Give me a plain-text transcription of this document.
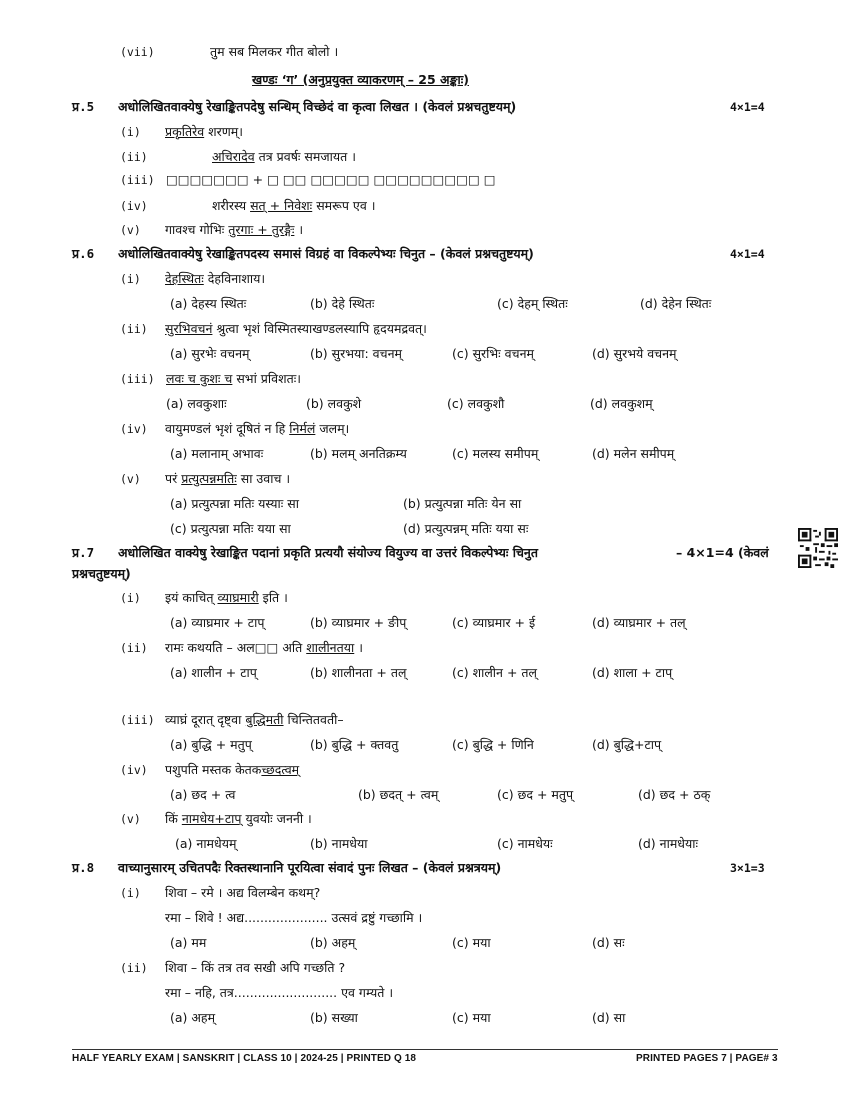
(vii)	तुम सब मिलकर गीत बोलो ।
खण्डः ‘ग’ (अनुप्रयुक्त व्याकरणम् – 25 अङ्काः)
प्र.5 अधोलिखितवाक्येषु रेखाङ्कितपदेषु सन्धिम् विच्छेदं वा कृत्वा लिखत । (केवलं प्रश्नचतुष्टयम्)	4×1=4
(i) प्रकृतिरेव शरणम्।
(ii)	अचिरादेव तत्र प्रवर्षः समजायत ।
(iii) □□□□□□□ + □ □□ □□□□□ □□□□□□□□□ □
(iv)	शरीरस्य सत् + निवेशः समरूप एव ।
(v) गावश्च गोभिः तुरगाः + तुरङ्गैः ।
प्र.6 अधोलिखितवाक्येषु रेखाङ्कितपदस्य समासं विग्रहं वा विकल्पेभ्यः चिनुत – (केवलं प्रश्नचतुष्टयम्)	4×1=4
(i) देहस्थितः देहविनाशाय।
(a) देहस्य स्थितः	(b) देहे स्थितः	(c) देहम् स्थितः	(d) देहेन स्थितः
(ii) सुरभिवचनं श्रुत्वा भृशं विस्मितस्याखण्डलस्यापि हृदयमद्रवत्।
(a) सुरभेः वचनम्	(b) सुरभया: वचनम्	(c) सुरभिः वचनम्	(d) सुरभये वचनम्
(iii) लवः च कुशः च सभां प्रविशतः।
(a) लवकुशाः	(b) लवकुशे	(c) लवकुशौ	(d) लवकुशम्
(iv) वायुमण्डलं भृशं दूषितं न हि निर्मलं जलम्।
(a) मलानाम् अभावः	(b) मलम् अनतिक्रम्य	(c) मलस्य समीपम्	(d) मलेन समीपम्
(v) परं प्रत्युत्पन्नमतिः सा उवाच ।
(a) प्रत्युत्पन्ना मतिः यस्याः सा	(b) प्रत्युत्पन्ना मतिः येन सा
(c) प्रत्युत्पन्ना मतिः यया सा	(d) प्रत्युत्पन्नम् मतिः यया सः
प्र.7 अधोलिखित वाक्येषु रेखाङ्कित पदानां प्रकृति प्रत्ययौ संयोज्य वियुज्य वा उत्तरं विकल्पेभ्यः चिनुत	– 4×1=4 (केवलं
प्रश्नचतुष्टयम्)
(i) इयं काचित् व्याघ्रमारी इति ।
(a) व्याघ्रमार + टाप्	(b) व्याघ्रमार + ङीप्	(c) व्याघ्रमार + ई	(d) व्याघ्रमार + तल्
(ii) रामः कथयति – अल□□ अति शालीनतया ।
(a) शालीन + टाप्	(b) शालीनता + तल्	(c) शालीन + तल्	(d) शाला + टाप्
(iii) व्याघ्रं दूरात् दृष्ट्वा बुद्धिमती चिन्तितवती–
(a) बुद्धि + मतुप्	(b) बुद्धि + क्तवतु	(c) बुद्धि + णिनि	(d) बुद्धि+टाप्
(iv) पशुपति मस्तक केतकच्छदत्वम्
(a) छद + त्व	(b) छदत् + त्वम्	(c) छद + मतुप्	(d) छद + ठक्
(v) किं नामधेय+टाप् युवयोः जननी ।
(a) नामधेयम्	(b) नामधेया	(c) नामधेयः	(d) नामधेयाः
प्र.8 वाच्यानुसारम् उचितपदैः रिक्तस्थानानि पूरयित्वा संवादं पुनः लिखत – (केवलं प्रश्नत्रयम्)	3×1=3
(i) शिवा – रमे । अद्य विलम्बेन कथम्?
रमा – शिवे ! अद्य..................... उत्सवं द्रष्टुं गच्छामि ।
(a) मम	(b) अहम्	(c) मया	(d) सः
(ii) शिवा – किं तत्र तव सखी अपि गच्छति ?
रमा – नहि, तत्र.......................... एव गम्यते ।
(a) अहम्	(b) सख्या	(c) मया	(d) सा
HALF YEARLY EXAM | SANSKRIT | CLASS 10 | 2024-25 | PRINTED Q 18	PRINTED PAGES 7 | PAGE# 3
